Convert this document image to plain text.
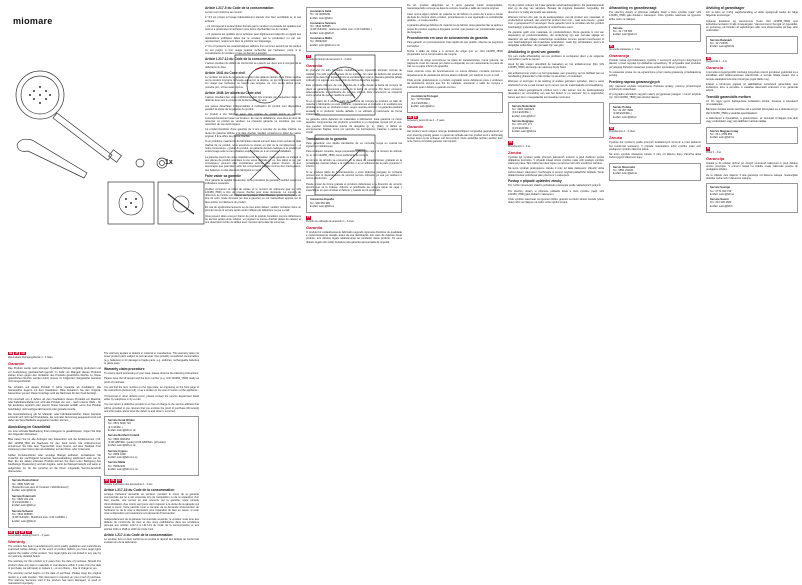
miomare
1x
DE AT CH
Akkumulator-Reinigungsbürste 1 - 3 Jahre
Garantie
Das Produkt wurde nach strengen Qualitätsrichtlinien sorgfältig produziert und vor Auslieferung gewissenhaft geprüft. Im Falle von Mängeln dieses Produkts stehen Ihnen gegen den Verkäufer des Produkts gesetzliche Rechte zu. Diese gesetzlichen Rechte werden durch unsere im Folgenden dargestellte Garantie nicht eingeschränkt.
Sie erhalten auf dieses Produkt 3 Jahre Garantie ab Kaufdatum. Die Garantiefrist beginnt mit dem Kaufdatum. Bitte bewahren Sie den Original-Kassenbon gut auf. Diese Unterlage wird als Nachweis für den Kauf benötigt.
Tritt innerhalb von 3 Jahren ab dem Kaufdatum dieses Produkts ein Material- oder Fabrikationsfehler auf, wird das Produkt von uns – nach unserer Wahl – für Sie kostenlos repariert oder ersetzt. Diese Garantie entfällt, wenn das Produkt beschädigt, nicht sachgemäß benutzt oder gewartet wurde.
Die Garantieleistung gilt für Material- oder Fabrikationsfehler. Diese Garantie erstreckt sich nicht auf Produktteile, die normaler Abnutzung ausgesetzt sind und daher als Verschleißteile angesehen werden können.
Abwicklung im Garantiefall
Um eine schnelle Bearbeitung Ihres Anliegens zu gewährleisten, folgen Sie bitte den folgenden Hinweisen:
Bitte halten Sie für alle Anfragen den Kassenbon und die Artikelnummer (z.B. IAN 123456_789) als Nachweis für den Kauf bereit. Die Artikelnummer entnehmen Sie bitte dem Typenschild, einer Gravur, auf dem Titelblatt Ihrer Anleitung (unten links) oder als Aufkleber auf der Rück- oder Unterseite.
Sollten Funktionsfehler oder sonstige Mängel auftreten, kontaktieren Sie zunächst die nachfolgend benannte Serviceabteilung telefonisch oder per E-Mail. Ein als defekt erfasstes Produkt können Sie dann unter Beifügung des Kaufbelegs (Kassenbon) und der Angabe, worin der Mangel besteht und wann er aufgetreten ist, für Sie portofrei an die Ihnen mitgeteilte Service-Anschrift übersenden.
Service Deutschland
Tel.: 0800 5435 111
(Kostenfrei aus dem dt. Festnetz / Mobilfunknetz)
E-Mail: owim@lidl.de
Service Österreich
Tel.: 0820 201 222
(0,15 EUR/Min.)
E-Mail: owim@lidl.at
Service Schweiz
Tel.: 0842 665566
(0,08 CHF/Min., Mobilfunk max. 0,40 CHF/Min.)
E-Mail: owim@lidl.ch
GB IE MT CY
Accumulator cleaning brush 1 - 3 years
Warranty
The product has been manufactured to strict quality guidelines and meticulously examined before delivery. In the event of product defects you have legal rights against the retailer of this product. Your legal rights are not limited in any way by our warranty detailed below.
The warranty for this product is 3 years from the date of purchase. Should this product show any fault in materials or manufacture within 3 years from the date of purchase, we will repair or replace it – at our choice – free of charge to you.
The warranty period begins on the date of purchase. Please keep the original receipt in a safe location. This document is required as your proof of purchase. This warranty becomes void if the product has been damaged, or used or maintained improperly.
The warranty applies to defects in material or manufacture. This warranty does not cover product parts subject to normal wear, thus possibly considered consumables (e.g. batteries) or for damage to fragile parts, e.g. switches, rechargeable batteries or glass parts.
Warranty claim procedure
To ensure quick processing of your case, please observe the following instructions:
Please have the till receipt and the item number (e.g. IAN 123456_7890) ready as proof of purchase.
You will find the item number on the type plate, an engraving on the front page of the instructions (bottom left), or as a sticker on the rear or bottom of the appliance.
If functional or other defects occur, please contact the service department listed either by telephone or by e-mail.
You can return a defective product to us free of charge to the service address that will be provided to you. Ensure that you enclose the proof of purchase (till receipt) and information about what the defect is and when it occurred.
Service Great Britain
Tel.: 0871 5000 720
(£ 0.10/Min.)
E-Mail: owim@lidl.co.uk
Service Northern Ireland
Tel.: 0800 9936254
(0.08 GBP/Min. (peak)) (0.06 GBP/Min. (off peak))
E-Mail: owim@lidl.co.uk
Service Cyprus
Tel.: 8009 4409
E-Mail: owim@lidl.com.cy
Service Malta
Tel.: 80062230
E-Mail: owim@lidl.com.mt
FR BE CH
Période d'utilisation des accessoires 1 - 3 ans
Article L217-16 du Code de la consommation
Lorsque l'acheteur demande au vendeur, pendant le cours de la garantie commerciale qui lui a été consentie lors de l'acquisition ou de la réparation d'un bien meuble, une remise en état couverte par la garantie, toute période d'immobilisation d'au moins sept jours vient s'ajouter à la durée de la garantie qui restait à courir. Cette période court à compter de la demande d'intervention de l'acheteur ou de la mise à disposition pour réparation du bien en cause, si cette mise à disposition est postérieure à la demande d'intervention.
Indépendamment de la garantie commerciale souscrite, le vendeur reste tenu des défauts de conformité du bien et des vices rédhibitoires dans les conditions prévues aux articles L217-4 à L217-13 du Code de la consommation et aux articles 1641 à 1648 et 2232 du Code Civil.
Article L217-4 du Code de la consommation
Le vendeur livre un bien conforme au contrat et répond des défauts de conformité existant lors de la délivrance.
Article L217-5 du Code de la consommation
Le bien est conforme au contrat :
1° S'il est propre à l'usage habituellement attendu d'un bien semblable et, le cas échéant :
– s'il correspond à la description donnée par le vendeur et possède les qualités que celui-ci a présentées à l'acheteur sous forme d'échantillon ou de modèle ;
– s'il présente les qualités qu'un acheteur peut légitimement attendre eu égard aux déclarations publiques faites par le vendeur, par le producteur ou par son représentant, notamment dans la publicité ou l'étiquetage ;
2° Ou s'il présente les caractéristiques définies d'un commun accord par les parties ou est propre à tout usage spécial recherché par l'acheteur, porté à la connaissance du vendeur et que ce dernier a accepté.
Article L217-12 du Code de la consommation
L'action résultant du défaut de conformité se prescrit par deux ans à compter de la délivrance du bien.
Article 1641 du Code civil
Le vendeur est tenu de la garantie à raison des défauts cachés de la chose vendue qui la rendent impropre à l'usage auquel on la destine, ou qui diminuent tellement cet usage que l'acheteur ne l'aurait pas acquise, ou n'en aurait donné qu'un moindre prix, s'il les avait connus.
Article 1648 1er alinéa du Code civil
L'action résultant des vices rédhibitoires doit être intentée par l'acquéreur dans un délai de deux ans à compter de la découverte du vice.
Les pièces détachées indispensables à l'utilisation du produit sont disponibles pendant la durée de la garantie du produit.
Le produit a été fabriqué selon des critères de qualité stricts et contrôlé consciencieusement avant sa livraison. En cas de défaillance, vous êtes en droit de retourner ce produit au vendeur. La présente garantie ne constitue pas une restriction de vos droits légaux.
Ce produit bénéficie d'une garantie de 3 ans à compter de sa date d'achat. La durée de garantie débute à la date d'achat. Veuillez conserver le ticket de caisse original. Il fera office de preuve d'achat.
Si un problème matériel ou de fabrication devait survenir dans 3 ans suivant la date d'achat de ce produit, nous assurons la remise en état ou le remplacement – à notre convenance – gratuit du produit. La garantie devient caduque si le produit est endommagé suite à une utilisation inappropriée ou à un entretien défaillant.
La garantie couvre les vices matériels et de fabrication. Cette garantie ne s'étend ni aux pièces de produit soumises à une usure normale (p. ex. des piles) et qui, par conséquent, peuvent être considérées comme des pièces d'usure, ni aux dommages que pourraient subir les composants fragiles comme des interrupteurs, des batteries ou des éléments fabriqués en verre.
Faire valoir sa garantie
Pour garantir la rapidité d'exécution de la procédure de garantie, veuillez suivre les indications suivantes :
Veuillez conserver le ticket de caisse et le numéro de référence (par ex. IAN 123456_7890) à titre de preuve d'achat pour toute demande. Le numéro de référence de l'article est indiqué sur la plaque d'identification, gravé sur la page de titre de votre mode d'emploi (en bas à gauche) ou sur l'autocollant apposé sur la face arrière ou inférieure du produit.
En cas de dysfonctionnements ou de tout autre défaut, veuillez contacter dans un premier temps le service après-vente indiqué par téléphone ou par e-mail.
Vous pouvez alors envoyer franco de port le produit considéré comme défectueux au service après-vente indiqué, en joignant la preuve d'achat (ticket de caisse) et une description écrite du défaut avec mention de la date de survenue.
Assistance Italia
Tel.: 02 36003201
E-Mail: owim@lidl.it
Assistance Svizzera
Tel.: 0842 665566
(0,08 CHF/Min., telefonia mobile max. 0,40 CHF/Min.)
E-Mail: owim@lidl.ch
Assistance Malta
Tel.: 80062230
E-Mail: owim@lidl.com.mt
CY
Período de tiempo del accesorio 1 - 3 años
Garantía
El producto ha sido fabricado cuidadosamente siguiendo estrictas normas de calidad y ha sido probado antes de su entrega. En caso de defecto del producto usted tiene derechos legales frente al vendedor del mismo. Nuestra garantía (abajo indicada) no supone una restricción de dichos derechos legales.
Este producto dispone de una garantía de 3 años desde la fecha de compra. El plazo de garantía comienza a partir de la fecha de compra. Por favor, conserve adecuadamente el justificante de compra original. Este documento se requerirá como prueba de que se realizó la compra.
Si en el plazo de 3 años a partir de la fecha de compra se produce un fallo de material o fabricación en este producto, repararemos el producto o lo sustituiremos gratuitamente por un producto nuevo, según nuestra elección. La garantía quedará anulada si el producto resulta dañado o se utilizara o mantuviera de forma inadecuada.
La garantía cubre defectos de materiales o fabricación. Esta garantía no cubre aquellos componentes del producto sometidos a un desgaste normal por el uso, que pueden considerarse piezas de desgaste (p. ej., pilas), ni daños en componentes frágiles, como por ejemplo, los interruptores, baterías o piezas de cristal.
Tramitación de la garantía
Para garantizar una rápida tramitación de su consulta, tenga en cuenta las siguientes indicaciones:
Para cualquier consulta, tenga preparados el tique de caja y el número de artículo (p. ej. IAN 123456_7890) como justificante de compra.
El número de artículo se encuentra en la placa de características, grabado en la portada del manual (abajo a la izquierda) o en el adhesivo de la parte posterior o inferior.
Si se produce fallos de funcionamiento u otros defectos, póngase en contacto primero con el departamento de servicio técnico indicado, ya sea por teléfono o correo electrónico.
Puede enviar de forma gratuita el producto defectuoso a la dirección de servicio técnico que se le indique. Adjunte el justificante de compra (tique de caja) y especifique en qué consiste el defecto y cuándo se ha producido.
Asistencia España
Tel.: 900 984 989
E-Mail: owim@lidl.es
PT
Período de utilização do acessório 1 - 3 anos
Garantia
O produto foi cuidadosamente fabricado segundo rigorosas diretrizes de qualidade e meticulosamente testado antes da sua distribuição. Em caso de defeitos deste produto, tem direitos legais relativamente ao vendedor deste produto. Os seus direitos legais não estão limitados pela garantia apresentada de seguida.
Do art. produto adquiridos ao 3 anos garantia inicial contemplados. Garantiaperiodo começa na data da compra. Guarde o talão de compra original.
Caso ocorra algum defeito de material ou de fabrico no prazo de 3 anos a contar da data de compra deste produto, procederemos à sua reparação ou substituição gratuita – à nossa escolha.
A garantia abrange defeitos de material ou de fabrico. Esta garantia não se aplica a peças do produto sujeitas a desgaste normal, que possam ser consideradas peças de desgaste.
Procedimento em caso de acionamento da garantia
Para garantir um processamento mais rápido do seu pedido, observe as seguintes instruções:
Tenha o talão de caixa e o número de artigo (por ex. IAN 123456_7890) preparados como comprovativo da compra.
O número do artigo encontra-se na placa de características, numa gravura, na página de rosto do manual (em baixo à esquerda) ou num autocolante na parte de trás ou na parte inferior do aparelho.
Caso ocorram erros de funcionamento ou outros defeitos, contacte primeiro o departamento de assistência técnica abaixo indicado, por telefone ou por e-mail.
Pode enviar gratuitamente o produto registado como defeituoso para o endereço da assistência técnica que lhe for indicado, anexando o talão de compra e indicando qual o defeito e quando ocorreu.
Assistência Portugal
Tel.: 70778 8000
(0,12 EUR/Min.)
E-Mail: owim@lidl.pt
GB IE
Accessory period of use 1 - 3 years
Garantie
Het product werd volgens strenge kwaliteitsrichtlijnen zorgvuldig geproduceerd en voor levering grondig getest. In geval van schade aan het product kunt u rechtmatig beroep doen op de verkoper van het product. Deze wettelijke rechten worden door onze hierna vermelde garantie niet beperkt.
Op dit product verleent wij 3 jaar garantie vanaf aankoopdatum. De garantieperiode start op de dag van aankoop. Bewaar de originele kassabon zorgvuldig. Dit document is nodig als bewijs van aankoop.
Wanneer binnen drie jaar na de aankoopdatum van dit product een materiaal- of productiefout optreedt, dan wordt het product door ons – naar onze keuze – gratis voor u gerepareerd of vervangen. Deze garantie komt te vervallen als het product beschadigd, ondeskundig gebruikt of onderhouden werd.
De garantie geldt voor materiaal- en productiefouten. Deze garantie is niet van toepassing op productonderdelen, die onderhevig zijn aan normale slijtage en daardoor als aan slijtage onderhevige onderdelen kunnen worden beschouwd of voor beschadigingen aan breekbare onderdelen, zoals bijv. schakelaars, accu's of dergelijke onderdelen, die gemaakt zijn van glas.
Afwikkeling in geval van garantie
Om een snelle afhandeling van uw probleem te verzekeren dient u de volgende instructies in acht te nemen:
Houd bij alle vragen alstublieft de kassabon en het artikelnummer (bijv. IAN 123456_7890) als bewijs van aankoop bij de hand.
Het artikelnummer vindt u op het typeplaatje, een gravering, op het titelblad van uw handleiding (linksonder) of als sticker op de achter- of onderkant.
Wanneer er storingen in de werking of andere gebreken optreden, dient u eerst telefonisch of via e-mail contact op te nemen met de onderstaande serviceafdeling.
Een als defect geregistreerd product kunt u dan samen met de aankoopbewijs (kassabon) en vermelding van wat het defect is en wanneer het is opgetreden franco aan het u meegedeelde serviceadres versturen.
Service Nederland
Tel.: 0900 0400223
(0,10 EUR/Min.)
E-Mail: owim@lidl.nl
Service Belgique
Tel.: 070 270 171
(0,15 EUR/Min.)
E-Mail: owim@lidl.be
CZ
Příslušenství 1 - 3 let
Záruka
Výrobek byl vyroben podle přísných jakostních směrnic a před dodáním prošel důkladnou kontrolou. V případě závad tohoto výrobku máte vůči prodejci výrobku zákonná práva. Tato zákonná práva nejsou omezena naší níže uvedenou zárukou.
Na tento výrobek poskytujeme záruku 3 roky od data zakoupení. Záruční doba začíná datem zakoupení. Uschovejte si prosím originál pokladního dokladu. Tento doklad budete potřebovat jako potvrzení o zakoupení.
Postup v případě uplatnění záruky
Pro rychlé zpracování Vašeho požadavku postupujte podle následujících pokynů:
Pro všechny dotazy si připravte pokladní lístek a číslo výrobku (např. IAN 123456_7890) jako doklad o zakoupení.
Číslo výrobku naleznete na typovém štítku, gravuře na titulní straně návodu (vlevo dole) nebo na nálepce na zadní nebo spodní straně.
Afhandeling en garantievraagt
Pro všechny dotazy si připravte pokladní lístek a číslo výrobku (např. IAN 123456_7890) jako doklad o zakoupení. Číslo výrobku naleznete na typovém štítku nebo na nálepce.
Service
Tel.: 22 7 55 650
E-Mail: owim@lidl.cz
PL
Akcesoria zapasowe 1 - 3 lat
Gwarancja
Produkt został wyprodukowany zgodnie z surowymi wytycznymi dotyczącymi jakości i przed wysyłką był dokładnie sprawdzony. W przypadku wad produktu przysługują Państwu ustawowe prawa wobec sprzedawcy produktu.
Te ustawowe prawa nie są ograniczone przez naszą gwarancję przedstawioną poniżej.
Przebieg napraw gwarancyjnych
Aby zapewnić szybkie rozpatrzenie Państwa sprawy, prosimy przestrzegać poniższych wskazówek.
W przypadku wszelkich zapytań należy przygotować paragon i numer artykułu (np. IAN 123456_7890) jako dowód zakupu.
Serwis Polska
Tel.: 22 397 4996
(0,08 EUR/Min.)
E-Mail: owim@lidl.pl
SK
Príslušenstvo 1 - 3 rokov
Záruka
Výrobok bol vyrobený podľa prísnych kvalitatívnych smerníc a pred dodaním bol svedomito testovaný. V prípade nedostatkov tohto výrobku máte voči predajcovi výrobku zákonné práva.
Na tento výrobok dostanete záruku 3 roky od dátumu kúpy. Záručná doba začína plynúť dátumom kúpy.
Servis Slovensko
Tel.: 0850 232001
E-Mail: owim@lidl.sk
Afvikling af garantisager
For at sikre en hurtig sagsbehandling af dette spørgsmål bedes du følge følgende anvisninger:
Opbevar kassebon og varenummer (f.eks. IAN 123456_7890) som købsdokumentation til alle forespørgsler. Varenummeret fremgår af typeskiltet, en gravering, på forsiden af vejledningen eller som klistermærke på bag- eller undersiden.
Service Danmark
Tel.: 32 710005
E-Mail: owim@lidl.dk
HU
Kiegészítők 1 - 3 év
Garancia
A terméket a legszigorúbb minőségi irányelvek szerint gondosan gyártottuk és a kiszállítás előtt lelkiismeretesen ellenőriztük. A termék hibája esetén Önt a termék eladójával szemben törvényes jogok illetik meg.
Ezeket a törvényes jogokat az alábbiakban ismertetett garanciánk nem korlátozza. Erre a termékre a vásárlás dátumától számított 3 év garanciát adunk.
Teendők garanciális esetben
Az Ön ügye gyors feldolgozása érdekében kérjük, kövesse a következő útmutatásokat:
Bármilyen kérdés esetén készítse elő a pénztári bizonylatot és a cikkszámot (pl. IAN 123456_7890) a vásárlás igazolásaként.
A cikkszámot a típustáblán, a gravírozáson, az útmutató címlapján (bal alul) vagy a hátoldalon vagy alul található matricán találja.
Szerviz Magyarország
Tel.: 06 1 3789 555
E-Mail: owim@lidl.hu
SI
Pribor 1 - 3 let
Garancija
Izdelek je bil izdelan skrbno po strogih smernicah kakovosti in pred dobavo vestno preverjen. V primeru napak na izdelku imate zakonske pravice do prodajalca izdelka.
Za ta izdelek vam dajemo 3 leta garancije od datuma nakupa. Garancijsko obdobje začne teči z datumom nakupa.
Service Sverige
Tel.: 0770 930 739
E-Mail: owim@lidl.se
Service Suomi
Tel.: 010 309 3582
E-Mail: owim@lidl.fi
